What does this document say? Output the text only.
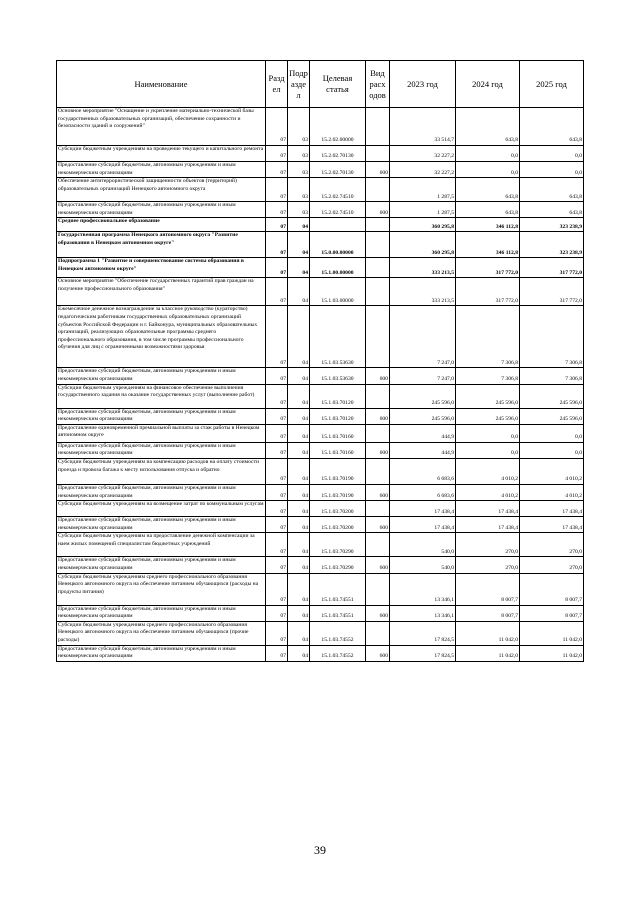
Наименование	Разд ел	Подр азде л	Целевая статья	Вид расх одов	2023 год	2024 год	2025 год
Основное мероприятие "Оснащение и укрепление материально-технической базы государственных образовательных организаций, обеспечение сохранности и безопасности зданий и сооружений"	07	03	15.2.02.00000		33 514,7	643,8	643,8
Субсидии бюджетным учреждениям на проведение текущего и капитального ремонта	07	03	15.2.02.70130		32 227,2	0,0	0,0
Предоставление субсидий бюджетным, автономным учреждениям и иным некоммерческим организациям	07	03	15.2.02.70130	600	32 227,2	0,0	0,0
Обеспечение антитеррористической защищенности объектов (территорий) образовательных организаций Ненецкого автономного округа	07	03	15.2.02.74510		1 287,5	643,8	643,8
Предоставление субсидий бюджетным, автономным учреждениям и иным некоммерческим организациям	07	03	15.2.02.74510	600	1 287,5	643,8	643,8
Среднее профессиональное образование	07	04			360 295,8	346 112,8	323 238,9
Государственная программа Ненецкого автономного округа "Развитие образования в Ненецком автономном округе"	07	04	15.0.00.00000		360 295,8	346 112,8	323 238,9
Подпрограмма 1 "Развитие и совершенствование системы образования в Ненецком автономном округе"	07	04	15.1.00.00000		333 213,5	317 772,0	317 772,0
Основное мероприятие "Обеспечение государственных гарантий прав граждан на получение профессионального образования"	07	04	15.1.03.00000		333 213,5	317 772,0	317 772,0
Ежемесячное денежное вознаграждение за классное руководство (кураторство) педагогическим работникам государственных образовательных организаций субъектов Российской Федерации и г. Байконура, муниципальных образовательных организаций, реализующих образовательные программы среднего профессионального образования, в том числе программы профессионального обучения для лиц с ограниченными возможностями здоровья	07	04	15.1.03.53630		7 247,0	7 306,8	7 306,8
Предоставление субсидий бюджетным, автономным учреждениям и иным некоммерческим организациям	07	04	15.1.03.53630	600	7 247,0	7 306,8	7 306,8
Субсидии бюджетным учреждениям на финансовое обеспечение выполнения государственного задания на оказание государственных услуг (выполнение работ)	07	04	15.1.03.70120		245 596,0	245 596,0	245 596,0
Предоставление субсидий бюджетным, автономным учреждениям и иным некоммерческим организациям	07	04	15.1.03.70120	600	245 596,0	245 596,0	245 596,0
Предоставление единовременной премиальной выплаты за стаж работы в Ненецком автономном округе	07	04	15.1.03.70160		444,9	0,0	0,0
Предоставление субсидий бюджетным, автономным учреждениям и иным некоммерческим организациям	07	04	15.1.03.70160	600	444,9	0,0	0,0
Субсидии бюджетным учреждениям на компенсацию расходов на оплату стоимости проезда и провоза багажа к месту использования отпуска и обратно	07	04	15.1.03.70190		6 683,6	4 010,2	4 010,2
Предоставление субсидий бюджетным, автономным учреждениям и иным некоммерческим организациям	07	04	15.1.03.70190	600	6 683,6	4 010,2	4 010,2
Субсидии бюджетным учреждениям на возмещение затрат по коммунальным услугам	07	04	15.1.03.70200		17 438,4	17 438,4	17 438,4
Предоставление субсидий бюджетным, автономным учреждениям и иным некоммерческим организациям	07	04	15.1.03.70200	600	17 438,4	17 438,4	17 438,4
Субсидии бюджетным учреждениям на предоставление денежной компенсации за наем жилых помещений специалистам бюджетных учреждений	07	04	15.1.03.70290		540,0	270,0	270,0
Предоставление субсидий бюджетным, автономным учреждениям и иным некоммерческим организациям	07	04	15.1.03.70290	600	540,0	270,0	270,0
Субсидии бюджетным учреждениям среднего профессионального образования Ненецкого автономного округа на обеспечение питанием обучающихся (расходы на продукты питания)	07	04	15.1.03.74551		13 346,1	8 007,7	8 007,7
Предоставление субсидий бюджетным, автономным учреждениям и иным некоммерческим организациям	07	04	15.1.03.74551	600	13 346,1	8 007,7	8 007,7
Субсидии бюджетным учреждениям среднего профессионального образования Ненецкого автономного округа на обеспечение питанием обучающихся (прочие расходы)	07	04	15.1.03.74552		17 824,5	11 042,0	11 042,0
Предоставление субсидий бюджетным, автономным учреждениям и иным некоммерческим организациям	07	04	15.1.03.74552	600	17 824,5	11 042,0	11 042,0
39
